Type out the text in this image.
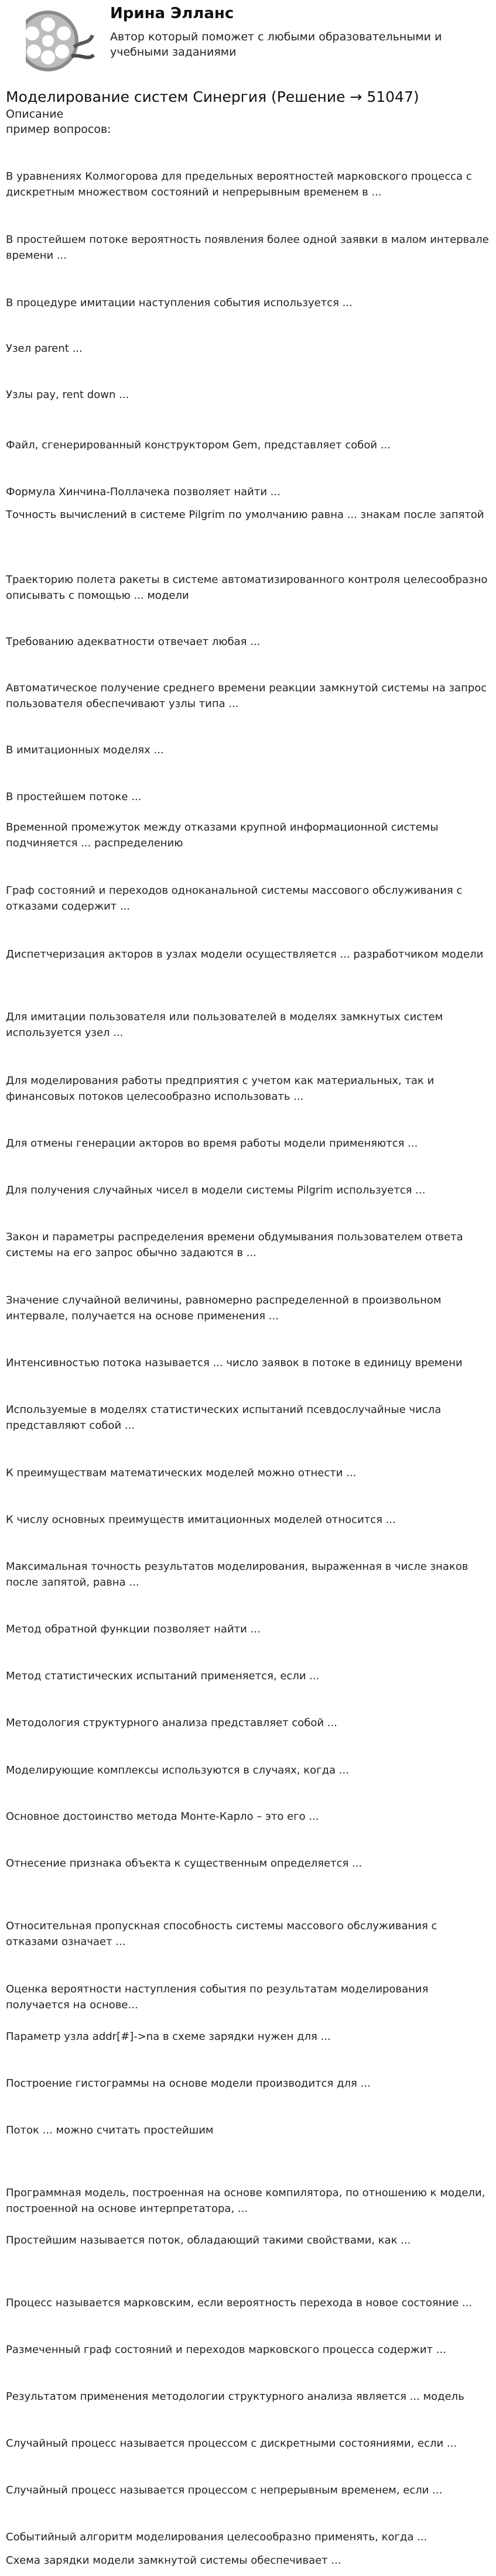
Ирина Элланс
Автор который поможет с любыми образовательными и учебными заданиями
Моделирование систем Синергия (Решение → 51047)
Описание
пример вопросов:
В уравнениях Колмогорова для предельных вероятностей марковского процесса с дискретным множеством состояний и непрерывным временем в ...
В простейшем потоке вероятность появления более одной заявки в малом интервале времени ...
В процедуре имитации наступления события используется ...
Узел parent ...
Узлы pay, rent down ...
Файл, сгенерированный конструктором Gem, представляет собой ...
Формула Хинчина-Поллачека позволяет найти ...
Точность вычислений в системе Pilgrim по умолчанию равна ... знакам после запятой
Траекторию полета ракеты в системе автоматизированного контроля целесообразно описывать с помощью ... модели
Требованию адекватности отвечает любая ...
Автоматическое получение среднего времени реакции замкнутой системы на запрос пользователя обеспечивают узлы типа ...
В имитационных моделях ...
В простейшем потоке ...
Временной промежуток между отказами крупной информационной системы подчиняется ... распределению
Граф состояний и переходов одноканальной системы массового обслуживания с отказами содержит ...
Диспетчеризация акторов в узлах модели осуществляется ... разработчиком модели
Для имитации пользователя или пользователей в моделях замкнутых систем используется узел ...
Для моделирования работы предприятия с учетом как материальных, так и финансовых потоков целесообразно использовать ...
Для отмены генерации акторов во время работы модели применяются ...
Для получения случайных чисел в модели системы Pilgrim используется ...
Закон и параметры распределения времени обдумывания пользователем ответа системы на его запрос обычно задаются в ...
Значение случайной величины, равномерно распределенной в произвольном интервале, получается на основе применения ...
Интенсивностью потока называется ... число заявок в потоке в единицу времени
Используемые в моделях статистических испытаний псевдослучайные числа представляют собой ...
К преимуществам математических моделей можно отнести ...
К числу основных преимуществ имитационных моделей относится ...
Максимальная точность результатов моделирования, выраженная в числе знаков после запятой, равна ...
Метод обратной функции позволяет найти ...
Метод статистических испытаний применяется, если ...
Методология структурного анализа представляет собой ...
Моделирующие комплексы используются в случаях, когда ...
Основное достоинство метода Монте-Карло – это его ...
Отнесение признака объекта к существенным определяется ...
Относительная пропускная способность системы массового обслуживания с отказами означает ...
Оценка вероятности наступления события по результатам моделирования получается на основе...
Параметр узла addr[#]->na в схеме зарядки нужен для ...
Построение гистограммы на основе модели производится для ...
Поток ... можно считать простейшим
Программная модель, построенная на основе компилятора, по отношению к модели, построенной на основе интерпретатора, ...
Простейшим называется поток, обладающий такими свойствами, как ...
Процесс называется марковским, если вероятность перехода в новое состояние ...
Размеченный граф состояний и переходов марковского процесса содержит ...
Результатом применения методологии структурного анализа является ... модель
Случайный процесс называется процессом с дискретными состояниями, если ...
Случайный процесс называется процессом с непрерывным временем, если ...
Событийный алгоритм моделирования целесообразно применять, когда ...
Схема зарядки модели замкнутой системы обеспечивает ...
